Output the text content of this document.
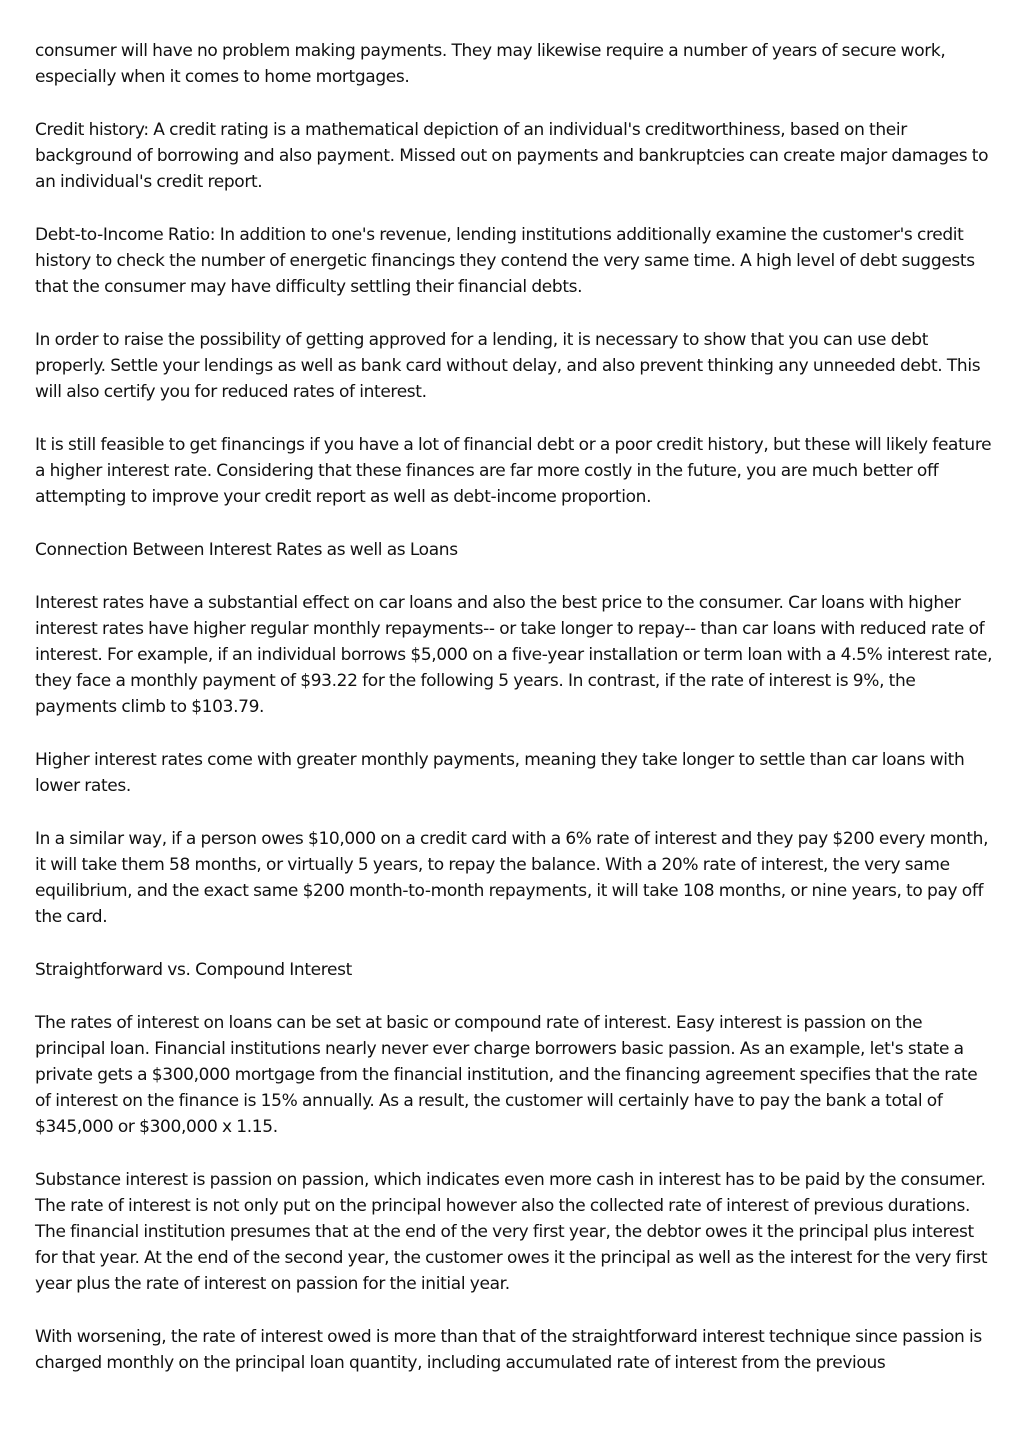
consumer will have no problem making payments. They may likewise require a number of years of secure work, especially when it comes to home mortgages.

Credit history: A credit rating is a mathematical depiction of an individual's creditworthiness, based on their background of borrowing and also payment. Missed out on payments and bankruptcies can create major damages to an individual's credit report.

Debt-to-Income Ratio: In addition to one's revenue, lending institutions additionally examine the customer's credit history to check the number of energetic financings they contend the very same time. A high level of debt suggests that the consumer may have difficulty settling their financial debts.

In order to raise the possibility of getting approved for a lending, it is necessary to show that you can use debt properly. Settle your lendings as well as bank card without delay, and also prevent thinking any unneeded debt. This will also certify you for reduced rates of interest.

It is still feasible to get financings if you have a lot of financial debt or a poor credit history, but these will likely feature a higher interest rate. Considering that these finances are far more costly in the future, you are much better off attempting to improve your credit report as well as debt-income proportion.

Connection Between Interest Rates as well as Loans

Interest rates have a substantial effect on car loans and also the best price to the consumer. Car loans with higher interest rates have higher regular monthly repayments-- or take longer to repay-- than car loans with reduced rate of interest. For example, if an individual borrows $5,000 on a five-year installation or term loan with a 4.5% interest rate, they face a monthly payment of $93.22 for the following 5 years. In contrast, if the rate of interest is 9%, the payments climb to $103.79.

Higher interest rates come with greater monthly payments, meaning they take longer to settle than car loans with lower rates.

In a similar way, if a person owes $10,000 on a credit card with a 6% rate of interest and they pay $200 every month, it will take them 58 months, or virtually 5 years, to repay the balance. With a 20% rate of interest, the very same equilibrium, and the exact same $200 month-to-month repayments, it will take 108 months, or nine years, to pay off the card.

Straightforward vs. Compound Interest

The rates of interest on loans can be set at basic or compound rate of interest. Easy interest is passion on the principal loan. Financial institutions nearly never ever charge borrowers basic passion. As an example, let's state a private gets a $300,000 mortgage from the financial institution, and the financing agreement specifies that the rate of interest on the finance is 15% annually. As a result, the customer will certainly have to pay the bank a total of $345,000 or $300,000 x 1.15.

Substance interest is passion on passion, which indicates even more cash in interest has to be paid by the consumer. The rate of interest is not only put on the principal however also the collected rate of interest of previous durations. The financial institution presumes that at the end of the very first year, the debtor owes it the principal plus interest for that year. At the end of the second year, the customer owes it the principal as well as the interest for the very first year plus the rate of interest on passion for the initial year.

With worsening, the rate of interest owed is more than that of the straightforward interest technique since passion is charged monthly on the principal loan quantity, including accumulated rate of interest from the previous
